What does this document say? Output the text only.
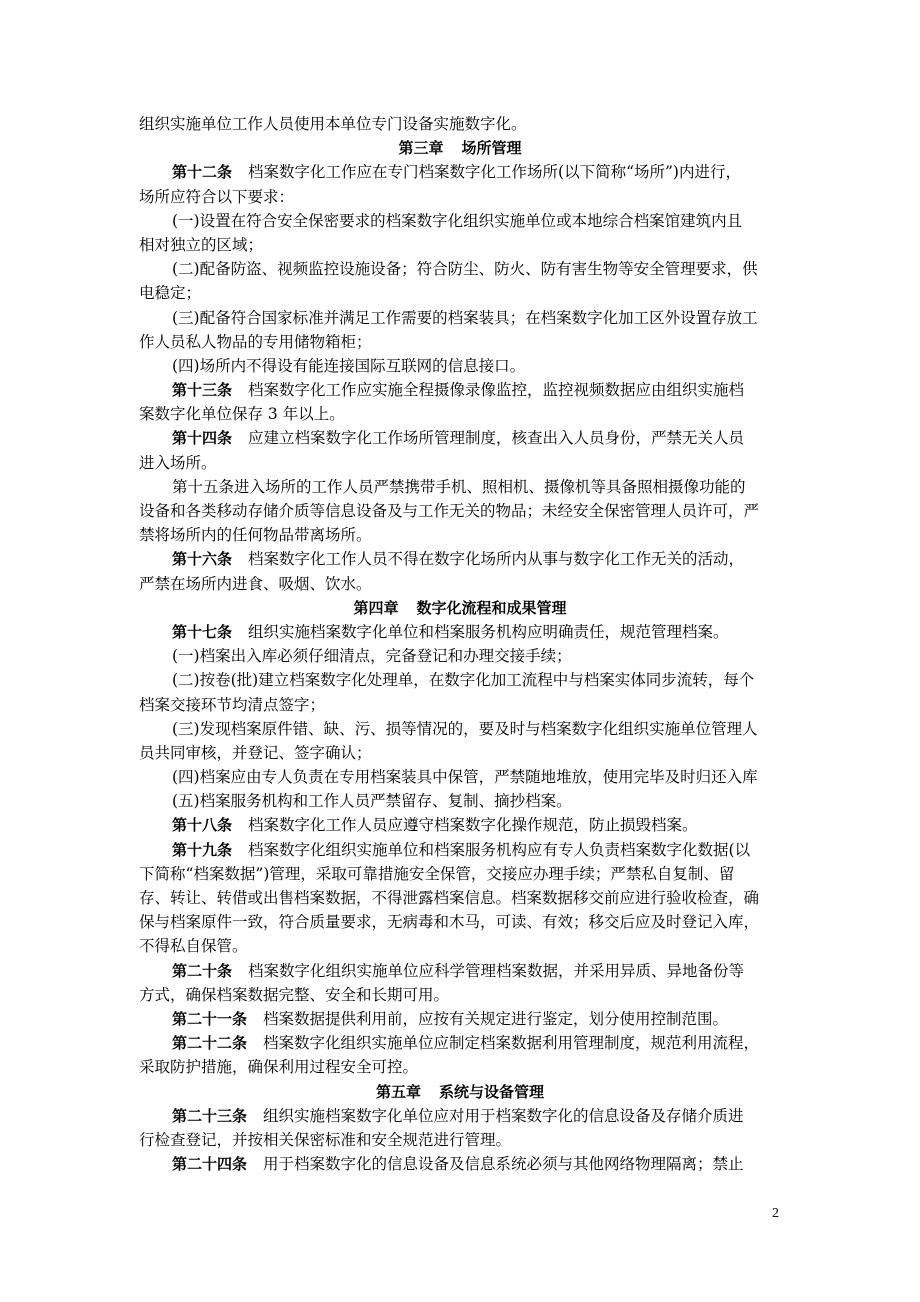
组织实施单位工作人员使用本单位专门设备实施数字化。
第三章 场所管理
第十二条 档案数字化工作应在专门档案数字化工作场所(以下简称“场所”)内进行，
场所应符合以下要求：
(一)设置在符合安全保密要求的档案数字化组织实施单位或本地综合档案馆建筑内且
相对独立的区域；
(二)配备防盗、视频监控设施设备；符合防尘、防火、防有害生物等安全管理要求，供
电稳定；
(三)配备符合国家标准并满足工作需要的档案装具；在档案数字化加工区外设置存放工
作人员私人物品的专用储物箱柜；
(四)场所内不得设有能连接国际互联网的信息接口。
第十三条 档案数字化工作应实施全程摄像录像监控，监控视频数据应由组织实施档
案数字化单位保存 3 年以上。
第十四条 应建立档案数字化工作场所管理制度，核查出入人员身份，严禁无关人员
进入场所。
第十五条进入场所的工作人员严禁携带手机、照相机、摄像机等具备照相摄像功能的
设备和各类移动存储介质等信息设备及与工作无关的物品；未经安全保密管理人员许可，严
禁将场所内的任何物品带离场所。
第十六条 档案数字化工作人员不得在数字化场所内从事与数字化工作无关的活动，
严禁在场所内进食、吸烟、饮水。
第四章 数字化流程和成果管理
第十七条 组织实施档案数字化单位和档案服务机构应明确责任，规范管理档案。
(一)档案出入库必须仔细清点，完备登记和办理交接手续；
(二)按卷(批)建立档案数字化处理单，在数字化加工流程中与档案实体同步流转，每个
档案交接环节均清点签字；
(三)发现档案原件错、缺、污、损等情况的，要及时与档案数字化组织实施单位管理人
员共同审核，并登记、签字确认；
(四)档案应由专人负责在专用档案装具中保管，严禁随地堆放，使用完毕及时归还入库
(五)档案服务机构和工作人员严禁留存、复制、摘抄档案。
第十八条 档案数字化工作人员应遵守档案数字化操作规范，防止损毁档案。
第十九条 档案数字化组织实施单位和档案服务机构应有专人负责档案数字化数据(以
下简称“档案数据”)管理，采取可靠措施安全保管，交接应办理手续；严禁私自复制、留
存、转让、转借或出售档案数据，不得泄露档案信息。档案数据移交前应进行验收检查，确
保与档案原件一致，符合质量要求，无病毒和木马，可读、有效；移交后应及时登记入库，
不得私自保管。
第二十条 档案数字化组织实施单位应科学管理档案数据，并采用异质、异地备份等
方式，确保档案数据完整、安全和长期可用。
第二十一条 档案数据提供利用前，应按有关规定进行鉴定，划分使用控制范围。
第二十二条 档案数字化组织实施单位应制定档案数据利用管理制度，规范利用流程，
采取防护措施，确保利用过程安全可控。
第五章 系统与设备管理
第二十三条 组织实施档案数字化单位应对用于档案数字化的信息设备及存储介质进
行检查登记，并按相关保密标准和安全规范进行管理。
第二十四条 用于档案数字化的信息设备及信息系统必须与其他网络物理隔离；禁止
2
